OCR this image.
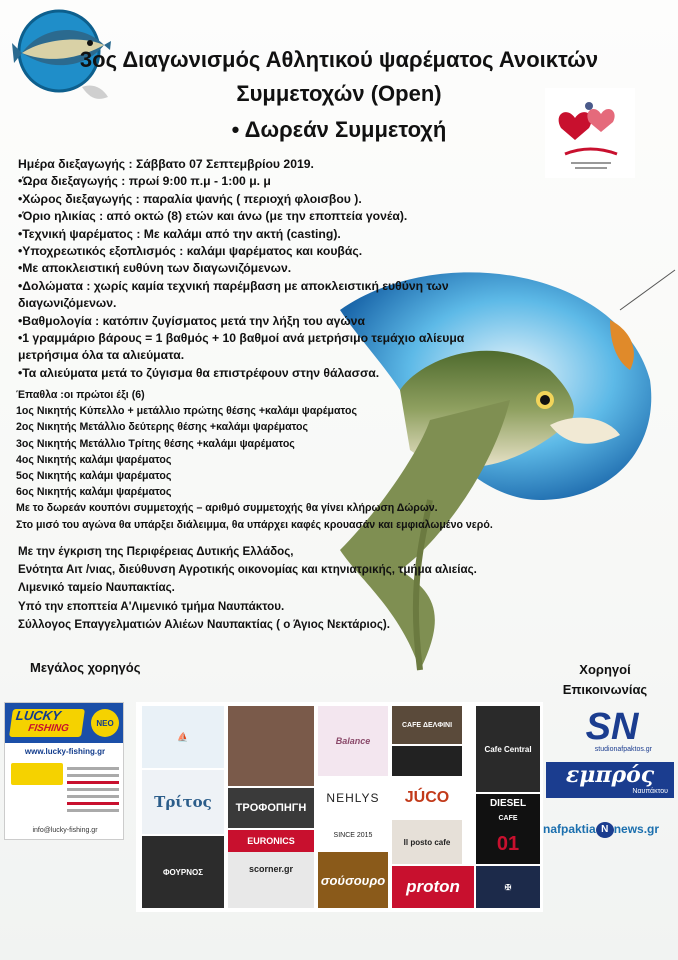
3ος Διαγωνισμός Αθλητικού ψαρέματος Ανοικτών
Συμμετοχών (Open)
• Δωρεάν Συμμετοχή
Ημέρα διεξαγωγής : Σάββατο 07 Σεπτεμβρίου 2019.
•Ώρα διεξαγωγής : πρωί 9:00 π.μ - 1:00 μ. μ
•Χώρος διεξαγωγής : παραλία ψανής ( περιοχή φλοισβου ).
•Όριο ηλικίας : από οκτώ (8) ετών και άνω (με την εποπτεία γονέα).
•Τεχνική ψαρέματος : Με καλάμι από την ακτή (casting).
•Υποχρεωτικός εξοπλισμός : καλάμι ψαρέματος και κουβάς.
•Με αποκλειστική ευθύνη των διαγωνιζόμενων.
•Δολώματα : χωρίς καμία τεχνική παρέμβαση με αποκλειστική ευθύνη των
διαγωνιζόμενων.
•Βαθμολογία : κατόπιν ζυγίσματος μετά την λήξη του αγώνα
•1 γραμμάριο βάρους = 1 βαθμός + 10 βαθμοί ανά μετρήσιμο τεμάχιο αλίευμα
μετρήσιμα όλα τα αλιεύματα.
•Τα αλιεύματα μετά το ζύγισμα θα επιστρέφουν στην θάλασσα.
Έπαθλα :οι πρώτοι έξι (6)
1ος Νικητής Κύπελλο + μετάλλιο πρώτης θέσης +καλάμι ψαρέματος
2ος Νικητής Μετάλλιο δεύτερης θέσης +καλάμι ψαρέματος
3ος Νικητής Μετάλλιο Τρίτης θέσης +καλάμι ψαρέματος
4ος Νικητής καλάμι ψαρέματος
5ος Νικητής καλάμι ψαρέματος
6ος Νικητής καλάμι ψαρέματος
Με το δωρεάν κουπόνι συμμετοχής – αριθμό συμμετοχής θα γίνει κλήρωση Δώρων.
Στο μισό του αγώνα θα υπάρξει διάλειμμα, θα υπάρχει καφές κρουασάν και εμφιαλωμένο νερό.
Με την έγκριση της Περιφέρειας Δυτικής Ελλάδος,
Ενότητα Αιτ /νιας, διεύθυνση Αγροτικής οικονομίας και κτηνιατρικής, τμήμα αλιείας.
Λιμενικό ταμείο Ναυπακτίας.
Υπό την εποπτεία Α'Λιμενικό τμήμα Ναυπάκτου.
Σύλλογος Επαγγελματιών Αλιέων Ναυπακτίας ( ο Άγιος Νεκτάριος).
Μεγάλος χορηγός	Χορηγοί
Επικοινωνίας
LUCKY
FISHING	NEO
www.lucky-fishing.gr
info@lucky-fishing.gr
⛵
Τρίτος
ΦΟΥΡΝΟΣ
ΤΡΟΦΟΠΗΓΗ
scorner.gr
EURONICS
Balance
NEHLYS
SINCE 2015
σούσουρο
CAFE ΔΕΛΦΙΝΙ
JÚCO
Il posto cafe
proton
Cafe Central
DIESEL
CAFE
01
✠
SN
studionafpaktos.gr
εμπρός
Ναυπάκτου
nafpaktia N news.gr
